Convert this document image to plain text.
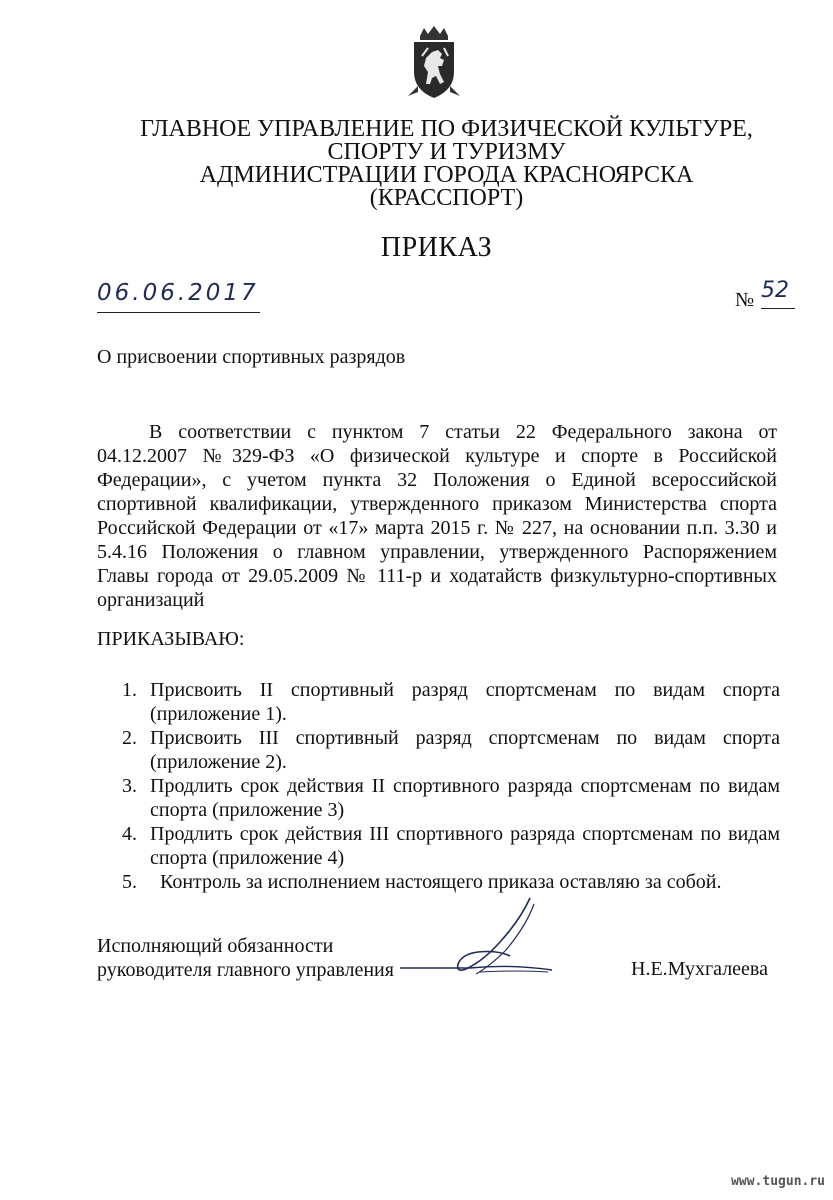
ГЛАВНОЕ УПРАВЛЕНИЕ ПО ФИЗИЧЕСКОЙ КУЛЬТУРЕ,
СПОРТУ И ТУРИЗМУ
АДМИНИСТРАЦИИ ГОРОДА КРАСНОЯРСКА
(КРАССПОРТ)
ПРИКАЗ
06.06.2017	№ 52
О присвоении спортивных разрядов
В соответствии с пунктом 7 статьи 22 Федерального закона от
04.12.2007 №329-ФЗ «О физической культуре и спорте в Российской
Федерации», с учетом пункта 32 Положения о Единой всероссийской
спортивной квалификации, утвержденного приказом Министерства спорта
Российской Федерации от «17» марта 2015 г. № 227, на основании п.п. 3.30 и
5.4.16 Положения о главном управлении, утвержденного Распоряжением
Главы города от 29.05.2009 № 111-р и ходатайств физкультурно-спортивных
организаций
ПРИКАЗЫВАЮ:
1. Присвоить II спортивный разряд спортсменам по видам спорта
(приложение 1).
2. Присвоить III спортивный разряд спортсменам по видам спорта
(приложение 2).
3. Продлить срок действия II спортивного разряда спортсменам по видам
спорта (приложение 3)
4. Продлить срок действия III спортивного разряда спортсменам по видам
спорта (приложение 4)
5.	Контроль за исполнением настоящего приказа оставляю за собой.
Исполняющий обязанности
руководителя главного управления	Н.Е.Мухгалеева
www.tugun.ru
